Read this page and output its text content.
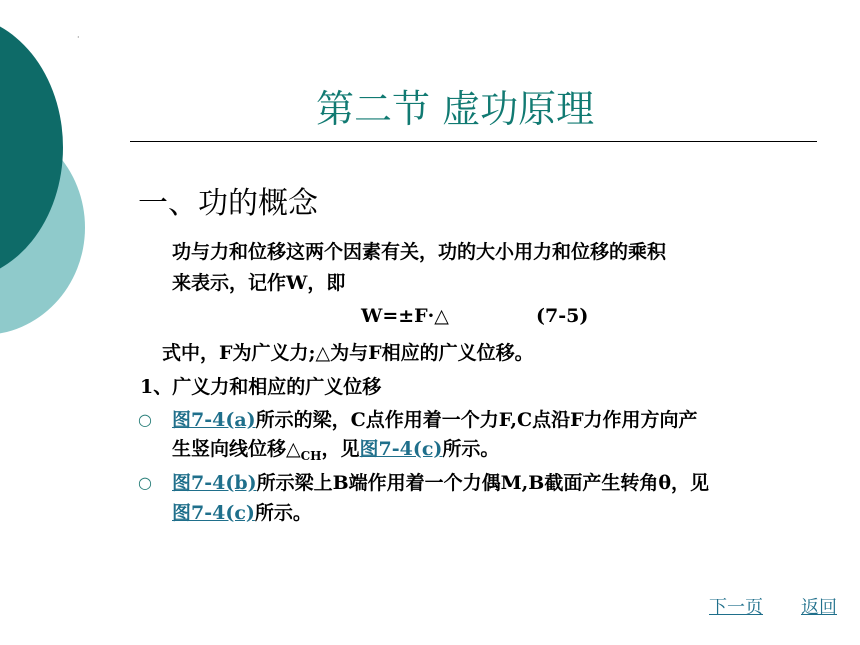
·
第二节 虚功原理
一、功的概念
功与力和位移这两个因素有关，功的大小用力和位移的乘积
来表示，记作W，即
W=±F·△	(7-5)
式中，F为广义力;△为与F相应的广义位移。
1、广义力和相应的广义位移
○ 图7-4(a)所示的梁，C点作用着一个力F,C点沿F力作用方向产
生竖向线位移$\triangle_{CH}$，见图7-4(c)所示。
○ 图7-4(b)所示梁上B端作用着一个力偶M,B截面产生转角θ，见
图7-4(c)所示。
下一页 返回
